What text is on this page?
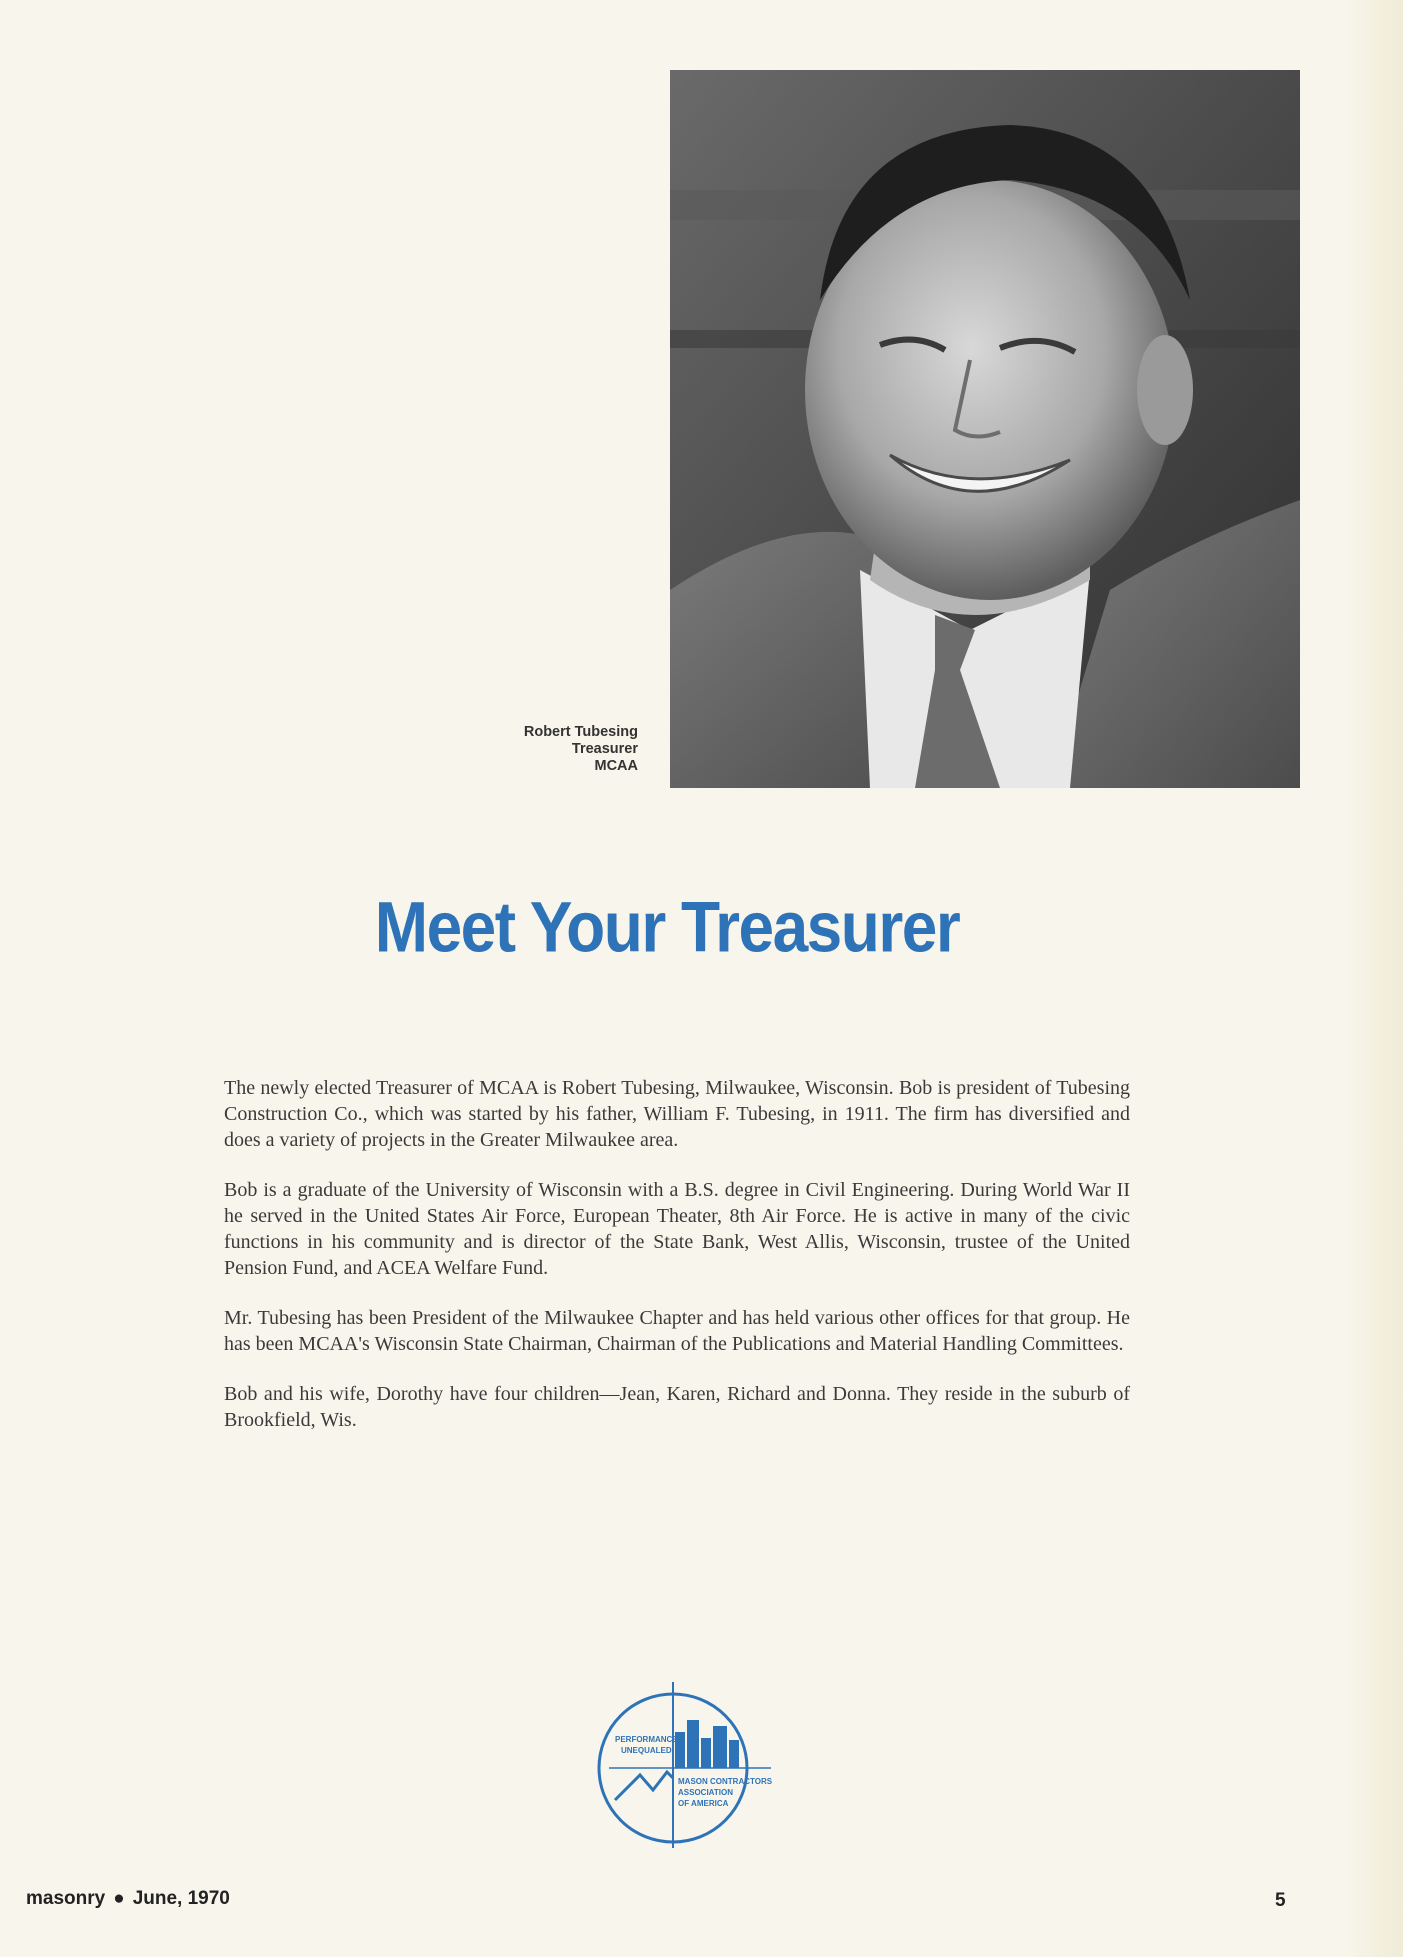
Robert Tubesing
Treasurer
MCAA
Meet Your Treasurer

The newly elected Treasurer of MCAA is Robert Tubesing, Milwaukee, Wisconsin. Bob is president of Tubesing Construction Co., which was started by his father, William F. Tubesing, in 1911. The firm has diversified and does a variety of projects in the Greater Milwaukee area.

Bob is a graduate of the University of Wisconsin with a B.S. degree in Civil Engineering. During World War II he served in the United States Air Force, European Theater, 8th Air Force. He is active in many of the civic functions in his community and is director of the State Bank, West Allis, Wisconsin, trustee of the United Pension Fund, and ACEA Welfare Fund.

Mr. Tubesing has been President of the Milwaukee Chapter and has held various other offices for that group. He has been MCAA's Wisconsin State Chairman, Chairman of the Publications and Material Handling Committees.

Bob and his wife, Dorothy have four children—Jean, Karen, Richard and Donna. They reside in the suburb of Brookfield, Wis.

PERFORMANCE
UNEQUALED
MASON CONTRACTORS
ASSOCIATION
OF AMERICA
masonry ● June, 1970	5
